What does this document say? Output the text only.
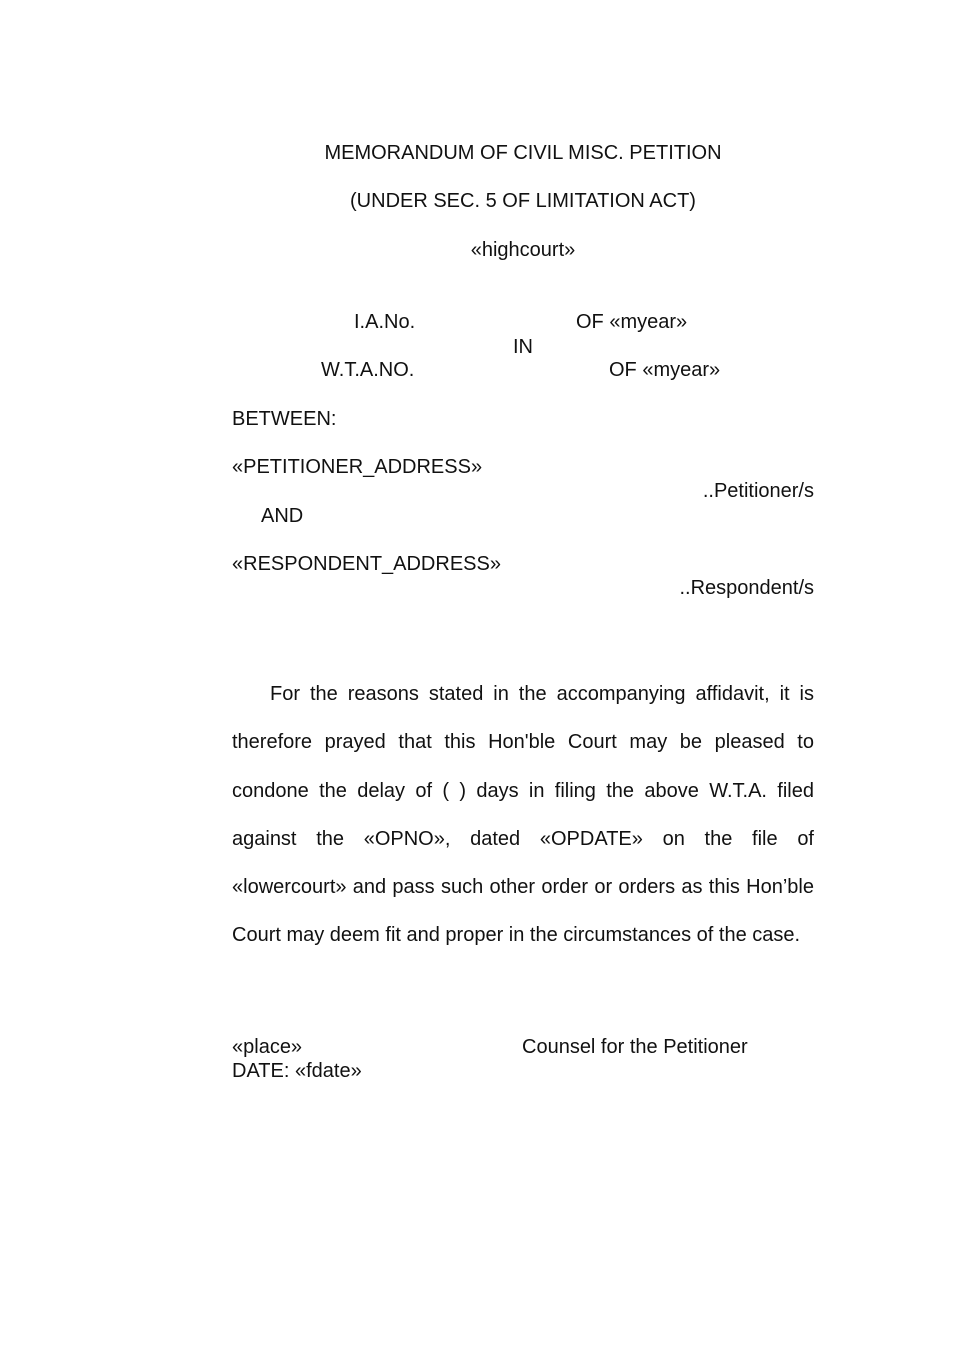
MEMORANDUM OF CIVIL MISC. PETITION
(UNDER SEC. 5 OF LIMITATION ACT)
«highcourt»
I.A.No.	OF «myear»
IN
W.T.A.NO.	OF «myear»
BETWEEN:
«PETITIONER_ADDRESS»
..Petitioner/s
AND
«RESPONDENT_ADDRESS»
..Respondent/s
For the reasons stated in the accompanying affidavit, it is therefore prayed that this Hon'ble Court may be pleased to condone the delay of ( ) days in filing the above W.T.A. filed against the «OPNO», dated «OPDATE» on the file of «lowercourt» and pass such other order or orders as this Hon’ble Court may deem fit and proper in the circumstances of the case.
«place»	Counsel for the Petitioner
DATE: «fdate»
